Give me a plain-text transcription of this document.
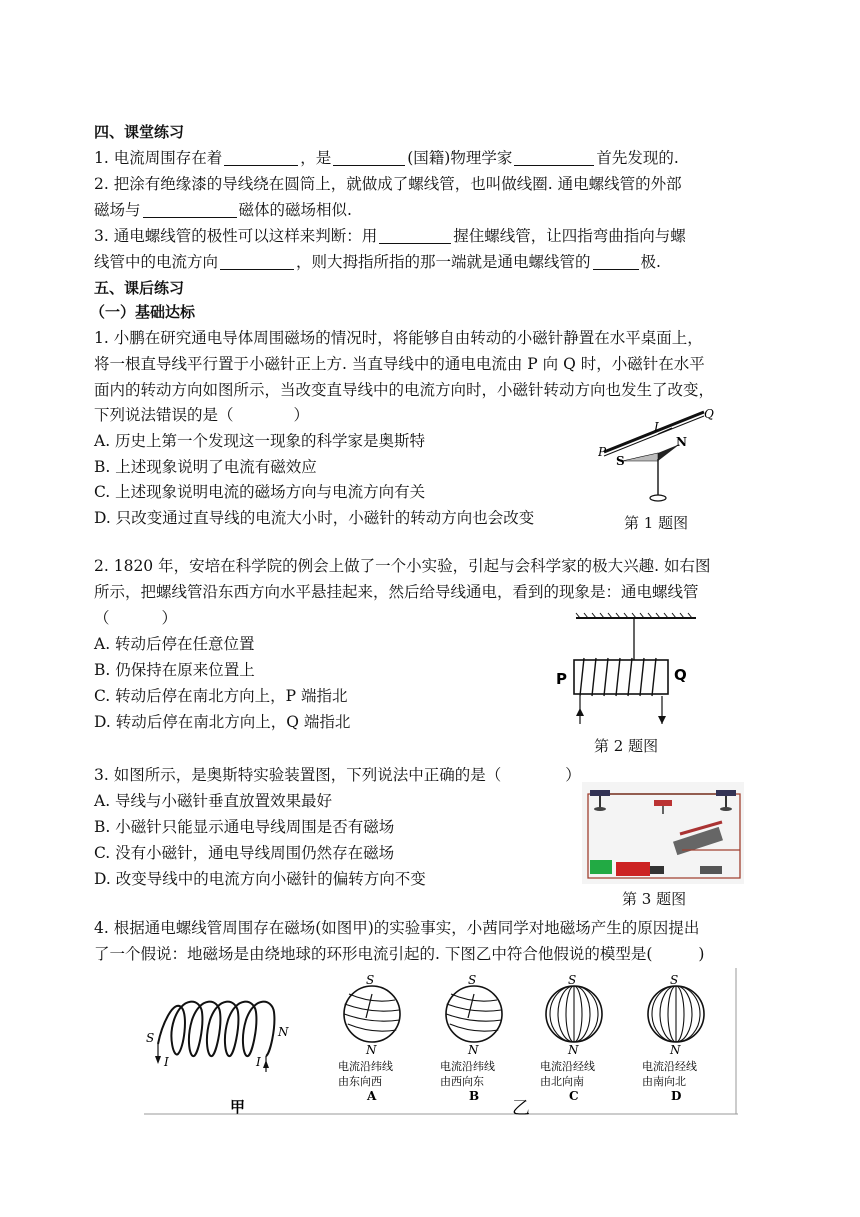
四、课堂练习
1. 电流周围存在着	，是	(国籍)物理学家	首先发现的.
2. 把涂有绝缘漆的导线绕在圆筒上，就做成了螺线管，也叫做线圈. 通电螺线管的外部
磁场与	磁体的磁场相似.
3. 通电螺线管的极性可以这样来判断：用	握住螺线管，让四指弯曲指向与螺
线管中的电流方向	，则大拇指所指的那一端就是通电螺线管的	极.
五、课后练习
（一）基础达标
1. 小鹏在研究通电导体周围磁场的情况时，将能够自由转动的小磁针静置在水平桌面上，
将一根直导线平行置于小磁针正上方. 当直导线中的通电电流由 P 向 Q 时，小磁针在水平
面内的转动方向如图所示，当改变直导线中的电流方向时，小磁针转动方向也发生了改变，
下列说法错误的是（	）
A. 历史上第一个发现这一现象的科学家是奥斯特
B. 上述现象说明了电流有磁效应
C. 上述现象说明电流的磁场方向与电流方向有关
D. 只改变通过直导线的电流大小时，小磁针的转动方向也会改变
P
Q
I
S
N
第 1 题图
2. 1820 年，安培在科学院的例会上做了一个小实验，引起与会科学家的极大兴趣. 如右图
所示，把螺线管沿东西方向水平悬挂起来，然后给导线通电，看到的现象是：通电螺线管
（	）
A. 转动后停在任意位置
B. 仍保持在原来位置上
C. 转动后停在南北方向上，P 端指北
D. 转动后停在南北方向上，Q 端指北
P	Q
第 2 题图
3. 如图所示，是奥斯特实验装置图，下列说法中正确的是（	）
A. 导线与小磁针垂直放置效果最好
B. 小磁针只能显示通电导线周围是否有磁场
C. 没有小磁针，通电导线周围仍然存在磁场
D. 改变导线中的电流方向小磁针的偏转方向不变
第 3 题图
4. 根据通电螺线管周围存在磁场(如图甲)的实验事实，小茜同学对地磁场产生的原因提出
了一个假说：地磁场是由绕地球的环形电流引起的. 下图乙中符合他假说的模型是(	)
S	N
I	I
甲	乙
S
N
电流沿纬线
由东向西
A
S
N
电流沿纬线
由西向东
B
S
N
电流沿经线
由北向南
C
S
N
电流沿经线
由南向北
D
